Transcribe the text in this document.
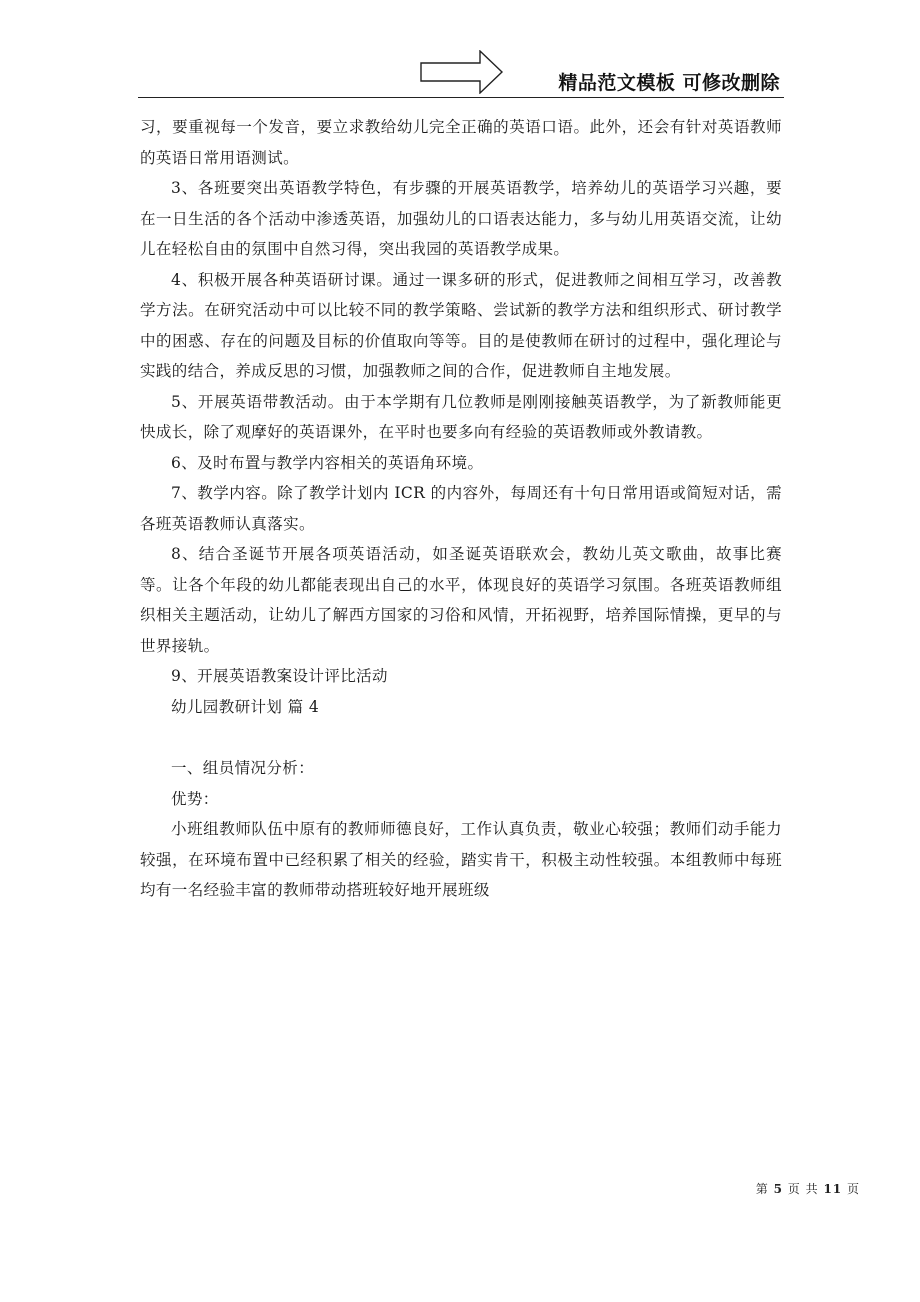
精品范文模板 可修改删除

习，要重视每一个发音，要立求教给幼儿完全正确的英语口语。此外，还会有针对英语教师的英语日常用语测试。

3、各班要突出英语教学特色，有步骤的开展英语教学，培养幼儿的英语学习兴趣，要在一日生活的各个活动中渗透英语，加强幼儿的口语表达能力，多与幼儿用英语交流，让幼儿在轻松自由的氛围中自然习得，突出我园的英语教学成果。

4、积极开展各种英语研讨课。通过一课多研的形式，促进教师之间相互学习，改善教学方法。在研究活动中可以比较不同的教学策略、尝试新的教学方法和组织形式、研讨教学中的困惑、存在的问题及目标的价值取向等等。目的是使教师在研讨的过程中，强化理论与实践的结合，养成反思的习惯，加强教师之间的合作，促进教师自主地发展。

5、开展英语带教活动。由于本学期有几位教师是刚刚接触英语教学，为了新教师能更快成长，除了观摩好的英语课外，在平时也要多向有经验的英语教师或外教请教。

6、及时布置与教学内容相关的英语角环境。

7、教学内容。除了教学计划内 ICR 的内容外，每周还有十句日常用语或简短对话，需各班英语教师认真落实。

8、结合圣诞节开展各项英语活动，如圣诞英语联欢会，教幼儿英文歌曲，故事比赛等。让各个年段的幼儿都能表现出自己的水平，体现良好的英语学习氛围。各班英语教师组织相关主题活动，让幼儿了解西方国家的习俗和风情，开拓视野，培养国际情操，更早的与世界接轨。

9、开展英语教案设计评比活动

幼儿园教研计划 篇 4

一、组员情况分析：

优势：

小班组教师队伍中原有的教师师德良好，工作认真负责，敬业心较强；教师们动手能力较强，在环境布置中已经积累了相关的经验，踏实肯干，积极主动性较强。本组教师中每班均有一名经验丰富的教师带动搭班较好地开展班级

第 5 页 共 11 页
